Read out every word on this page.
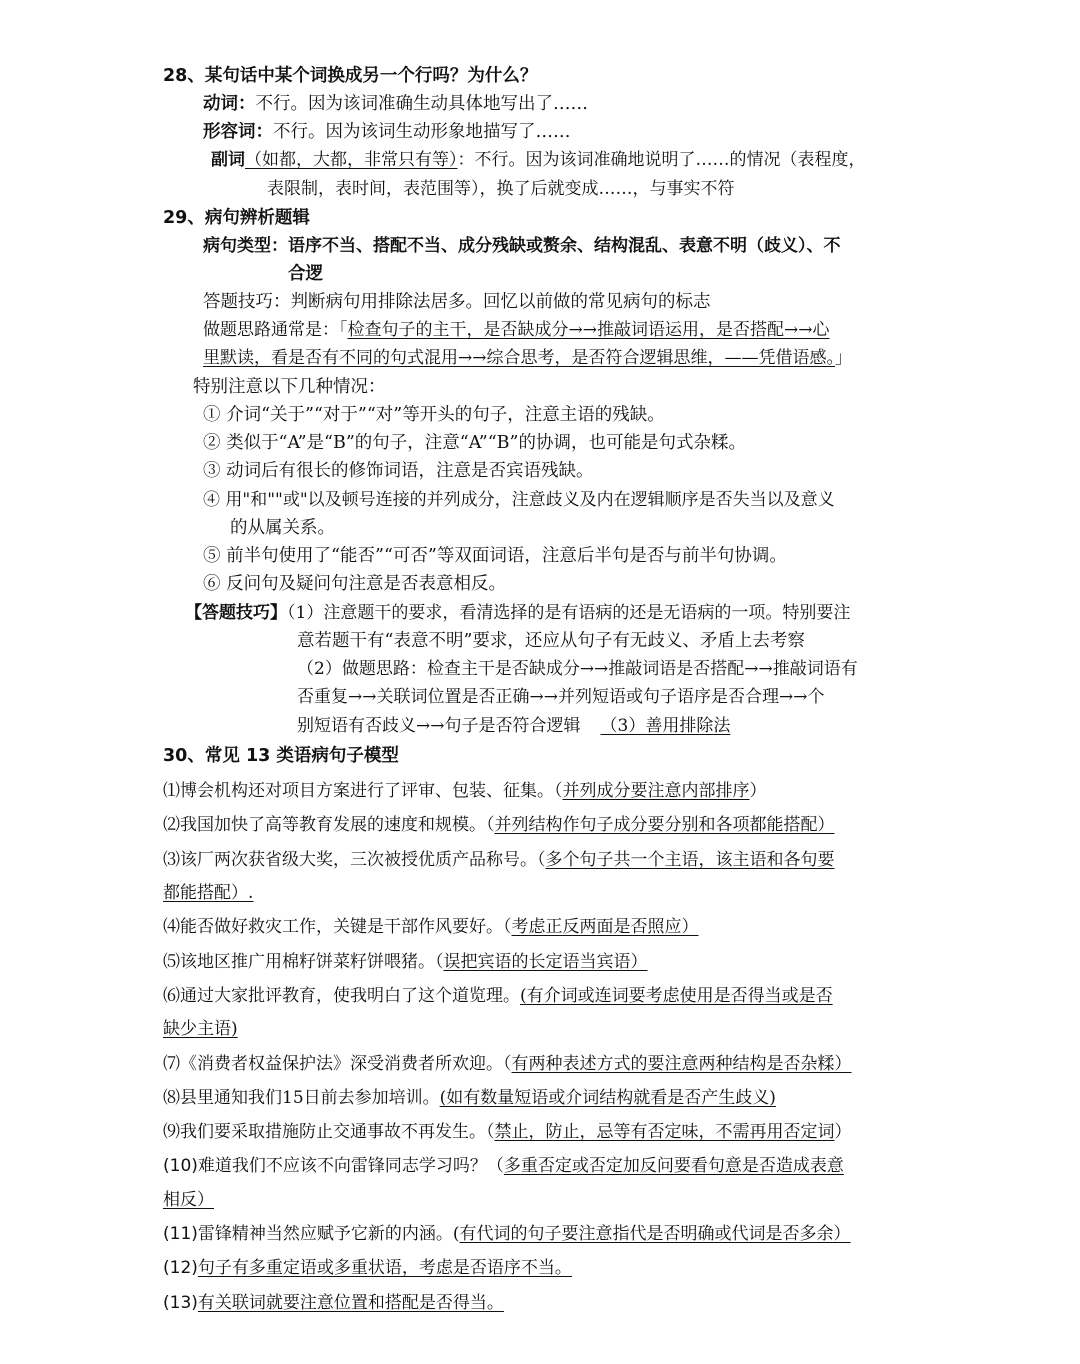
28、某句话中某个词换成另一个行吗？为什么？
动词：不行。因为该词准确生动具体地写出了……
形容词：不行。因为该词生动形象地描写了……
副词（如都，大都，非常只有等）：不行。因为该词准确地说明了……的情况（表程度，
表限制，表时间，表范围等），换了后就变成……，与事实不符
29、病句辨析题辑
病句类型：语序不当、搭配不当、成分残缺或赘余、结构混乱、表意不明（歧义）、不
合逻
答题技巧：判断病句用排除法居多。回忆以前做的常见病句的标志
做题思路通常是：「检查句子的主干，是否缺成分→→推敲词语运用，是否搭配→→心
里默读，看是否有不同的句式混用→→综合思考，是否符合逻辑思维，——凭借语感。」
特别注意以下几种情况：
① 介词“关于”“对于”“对”等开头的句子，注意主语的残缺。
② 类似于“A”是“B”的句子，注意“A”“B”的协调，也可能是句式杂糅。
③ 动词后有很长的修饰词语，注意是否宾语残缺。
④ 用"和""或"以及顿号连接的并列成分，注意歧义及内在逻辑顺序是否失当以及意义
的从属关系。
⑤ 前半句使用了“能否”“可否”等双面词语，注意后半句是否与前半句协调。
⑥ 反问句及疑问句注意是否表意相反。
【答题技巧】（1）注意题干的要求，看清选择的是有语病的还是无语病的一项。特别要注
意若题干有“表意不明”要求，还应从句子有无歧义、矛盾上去考察
（2）做题思路：检查主干是否缺成分→→推敲词语是否搭配→→推敲词语有
否重复→→关联词位置是否正确→→并列短语或句子语序是否合理→→个
别短语有否歧义→→句子是否符合逻辑 （3）善用排除法
30、常见 13 类语病句子模型
⑴博会机构还对项目方案进行了评审、包装、征集。（并列成分要注意内部排序）
⑵我国加快了高等教育发展的速度和规模。（并列结构作句子成分要分别和各项都能搭配）
⑶该厂两次获省级大奖，三次被授优质产品称号。（多个句子共一个主语，该主语和各句要
都能搭配）.
⑷能否做好救灾工作，关键是干部作风要好。（考虑正反两面是否照应）
⑸该地区推广用棉籽饼菜籽饼喂猪。（误把宾语的长定语当宾语）
⑹通过大家批评教育，使我明白了这个道览理。(有介词或连词要考虑使用是否得当或是否
缺少主语)
⑺《消费者权益保护法》深受消费者所欢迎。（有两种表述方式的要注意两种结构是否杂糅）
⑻县里通知我们15日前去参加培训。(如有数量短语或介词结构就看是否产生歧义)
⑼我们要采取措施防止交通事故不再发生。（禁止，防止，忌等有否定味，不需再用否定词）
(10)难道我们不应该不向雷锋同志学习吗？（多重否定或否定加反问要看句意是否造成表意
相反）
(11)雷锋精神当然应赋予它新的内涵。(有代词的句子要注意指代是否明确或代词是否多余）
(12)句子有多重定语或多重状语，考虑是否语序不当。
(13)有关联词就要注意位置和搭配是否得当。
